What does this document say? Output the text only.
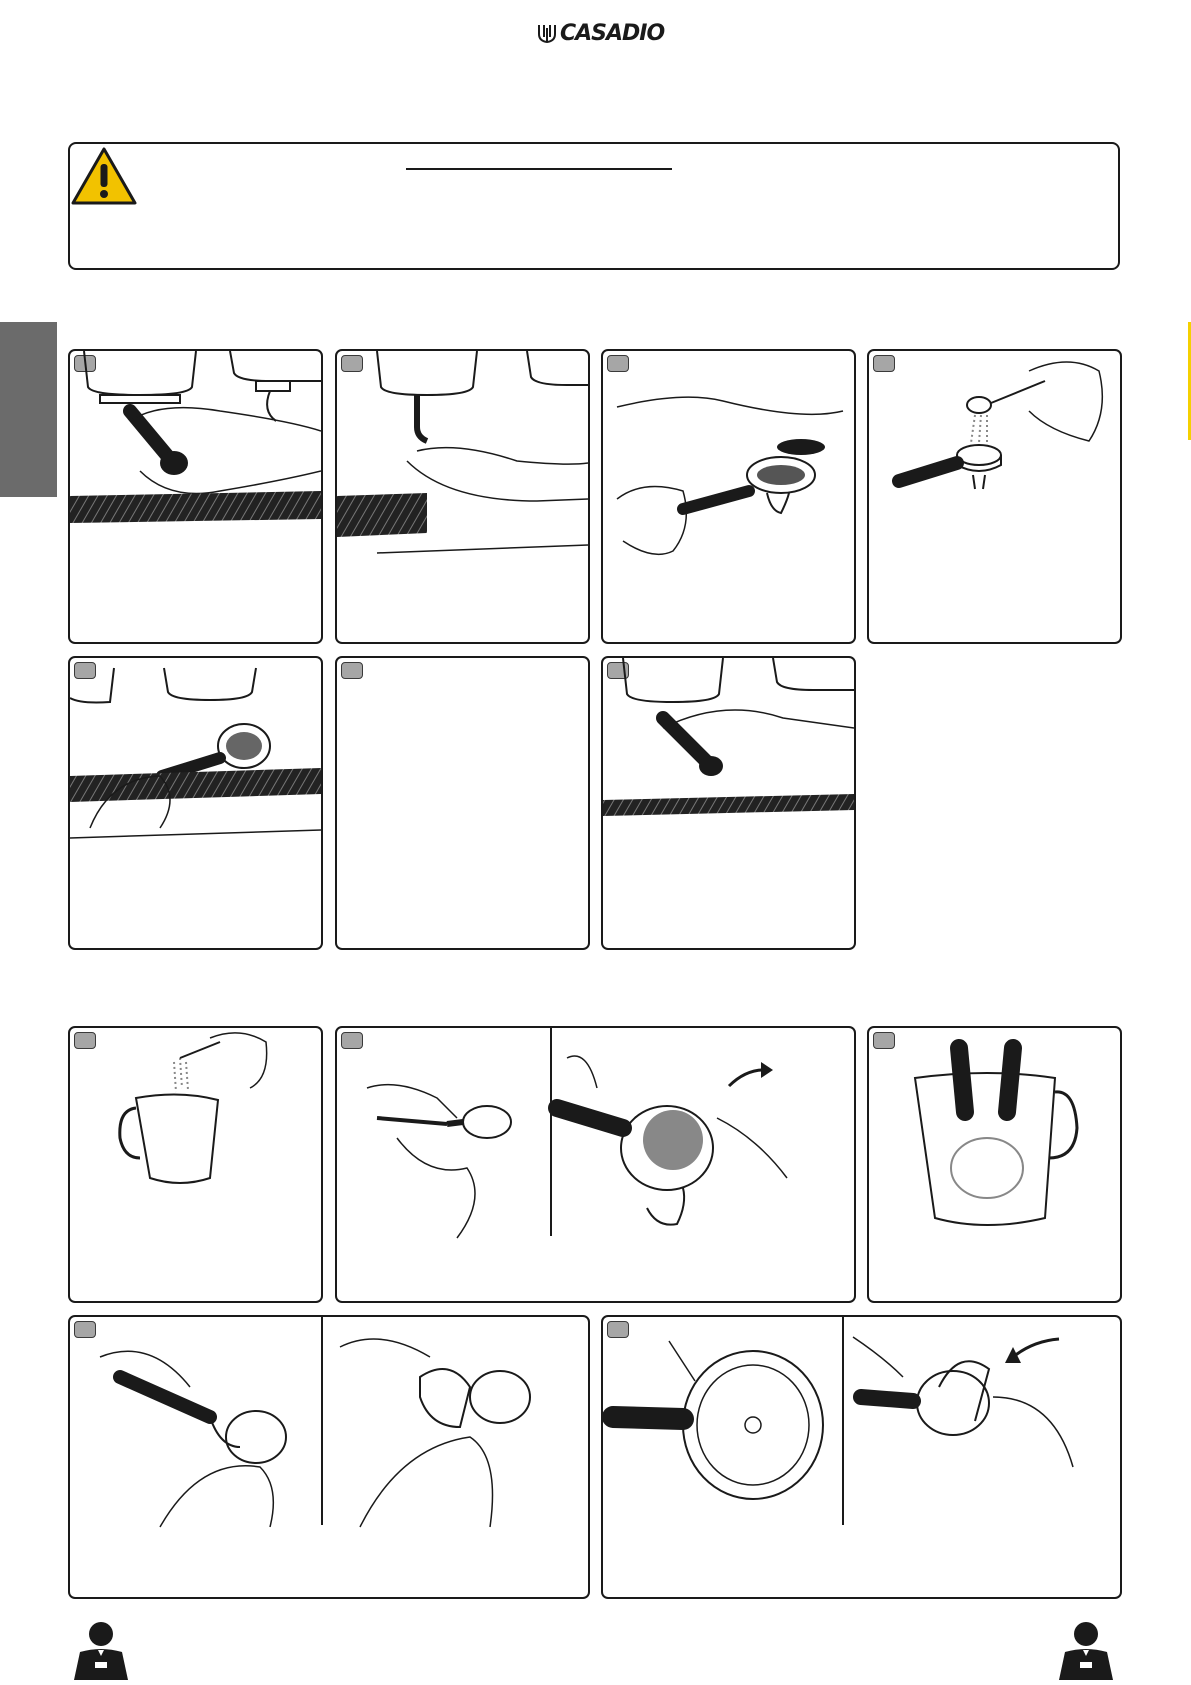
CASADIO
